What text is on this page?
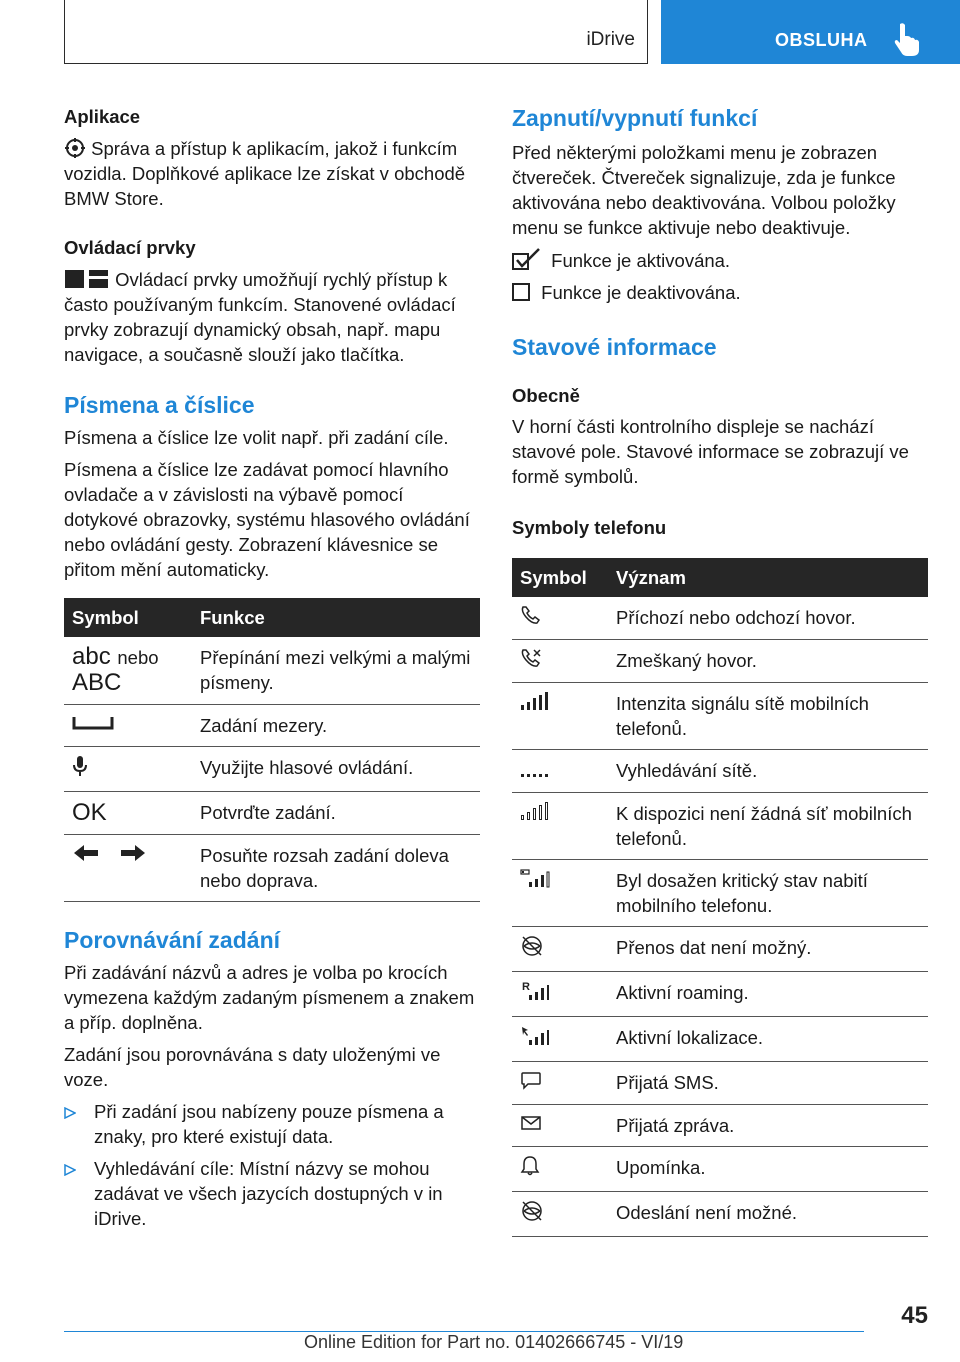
iDrive	OBSLUHA

Aplikace

Správa a přístup k aplikacím, jakož i funkcím vozidla. Doplňkové aplikace lze získat v obchodě BMW Store.

Ovládací prvky

Ovládací prvky umožňují rychlý přístup k často používaným funkcím. Stanovené ovládací prvky zobrazují dynamický obsah, např. mapu navigace, a současně slouží jako tlačítka.

Písmena a číslice

Písmena a číslice lze volit např. při zadání cíle.

Písmena a číslice lze zadávat pomocí hlavního ovladače a v závislosti na výbavě pomocí dotykové obrazovky, systému hlasového ovládání nebo ovládání gesty. Zobrazení klávesnice se přitom mění automaticky.

Symbol	Funkce

abc nebo
ABC	Přepínání mezi velkými a malými písmeny.
	Zadání mezery.
	Využijte hlasové ovládání.
OK	Potvrďte zadání.
	Posuňte rozsah zadání doleva nebo doprava.

Porovnávání zadání

Při zadávání názvů a adres je volba po krocích vymezena každým zadaným písmenem a znakem a příp. doplněna.

Zadání jsou porovnávána s daty uloženými ve voze.

Při zadání jsou nabízeny pouze písmena a znaky, pro které existují data.

Vyhledávání cíle: Místní názvy se mohou zadávat ve všech jazycích dostupných v in iDrive.

Zapnutí/vypnutí funkcí

Před některými položkami menu je zobrazen čtvereček. Čtvereček signalizuje, zda je funkce aktivována nebo deaktivována. Volbou položky menu se funkce aktivuje nebo deaktivuje.

Funkce je aktivována.

Funkce je deaktivována.

Stavové informace

Obecně

V horní části kontrolního displeje se nachází stavové pole. Stavové informace se zobrazují ve formě symbolů.

Symboly telefonu

Symbol	Význam
	Příchozí nebo odchozí hovor.
	Zmeškaný hovor.
	Intenzita signálu sítě mobilních telefonů.
	Vyhledávání sítě.
	K dispozici není žádná síť mobilních telefonů.
	Byl dosažen kritický stav nabití mobilního telefonu.
	Přenos dat není možný.

R	Aktivní roaming.
	Aktivní lokalizace.
	Přijatá SMS.
	Přijatá zpráva.
	Upomínka.
	Odeslání není možné.
45
Online Edition for Part no. 01402666745 - VI/19
